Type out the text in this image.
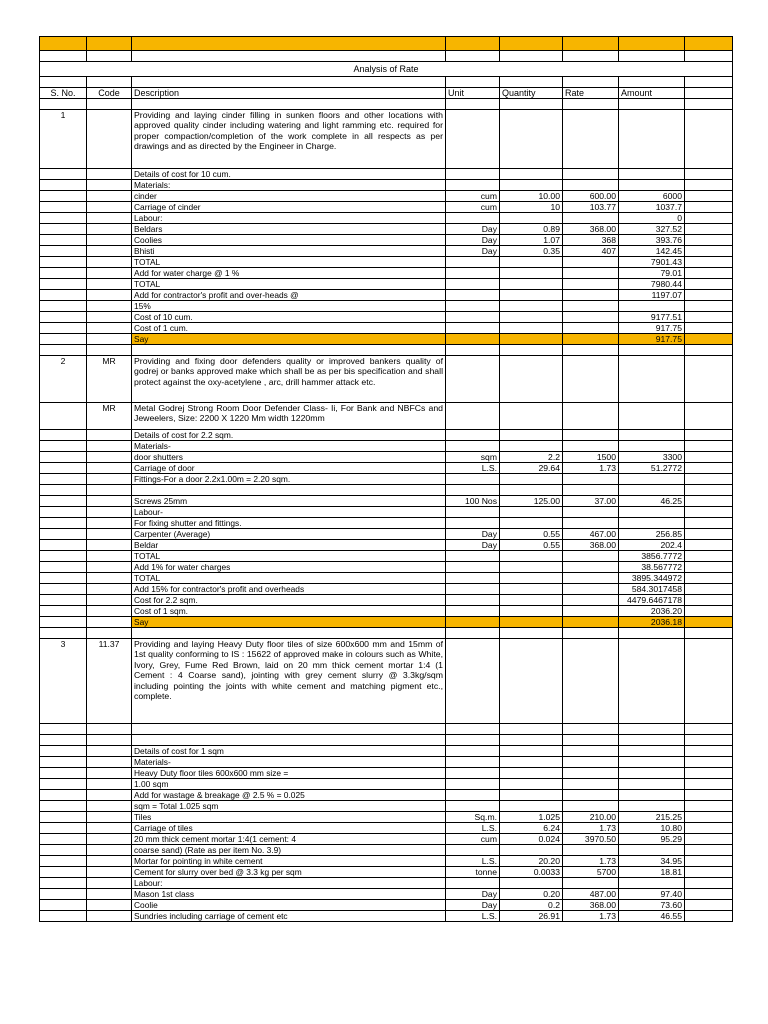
Analysis of Rate							

S. No.	Code	Description	Unit	Quantity	Rate	Amount	

1		Providing and laying cinder filling in sunken floors and other locations with approved quality cinder including watering and light ramming etc. required for proper compaction/completion of the work complete in all respects as per drawings and as directed by the Engineer in Charge.					
		Details of cost for 10 cum.					
		Materials:					
		cinder	cum	10.00	600.00	6000	
		Carriage of cinder	cum	10	103.77	1037.7	
		Labour:				0	
		Beldars	Day	0.89	368.00	327.52	
		Coolies	Day	1.07	368	393.76	
		Bhisti	Day	0.35	407	142.45	
		TOTAL				7901.43	
		Add for water charge @ 1 %				79.01	
		TOTAL				7980.44	
		Add for contractor's profit and over-heads @				1197.07	
		15%					
		Cost of 10 cum.				9177.51	
		Cost of 1 cum.				917.75	
		Say				917.75	

2	MR	Providing and fixing door defenders quality or improved bankers quality of godrej or banks approved make which shall be as per bis specification and shall protect against the oxy-acetylene , arc, drill hammer attack etc.					
	MR	Metal Godrej Strong Room Door Defender Class- Ii, For Bank and NBFCs and Jeweelers, Size: 2200 X 1220 Mm width 1220mm					
		Details of cost for 2.2 sqm.					
		Materials-					
		door shutters	sqm	2.2	1500	3300	
		Carriage of door	L.S.	29.64	1.73	51.2772	
		Fittings-For a door 2.2x1.00m = 2.20 sqm.					

		Screws 25mm	100 Nos	125.00	37.00	46.25	
		Labour-					
		For fixing shutter and fittings.					
		Carpenter (Average)	Day	0.55	467.00	256.85	
		Beldar	Day	0.55	368.00	202.4	
		TOTAL				3856.7772	
		Add 1% for water charges				38.567772	
		TOTAL				3895.344972	
		Add 15% for contractor's profit and overheads				584.3017458	
		Cost for 2.2 sqm.				4479.6467178	
		Cost of 1 sqm.				2036.20	
		Say				2036.18	

3	11.37	Providing and laying Heavy Duty floor tiles of size 600x600 mm and 15mm of 1st quality conforming to IS : 15622 of approved make in colours such as White, Ivory, Grey, Fume Red Brown, laid on 20 mm thick cement mortar 1:4 (1 Cement : 4 Coarse sand), jointing with grey cement slurry @ 3.3kg/sqm including pointing the joints with white cement and matching pigment etc., complete.					

		Details of cost for 1 sqm					
		Materials-					
		Heavy Duty floor tiles 600x600 mm size =					
		1.00 sqm					
		Add for wastage & breakage @ 2.5 % = 0.025					
		sqm = Total 1.025 sqm					
		Tiles	Sq.m.	1.025	210.00	215.25	
		Carriage of tiles	L.S.	6.24	1.73	10.80	
		20 mm thick cement mortar 1:4(1 cement: 4	cum	0.024	3970.50	95.29	
		coarse sand) (Rate as per item No. 3.9)					
		Mortar for pointing in white cement	L.S.	20.20	1.73	34.95	
		Cement for slurry over bed @ 3.3 kg per sqm	tonne	0.0033	5700	18.81	
		Labour:					
		Mason 1st class	Day	0.20	487.00	97.40	
		Coolie	Day	0.2	368.00	73.60	
		Sundries including carriage of cement etc	L.S.	26.91	1.73	46.55	
